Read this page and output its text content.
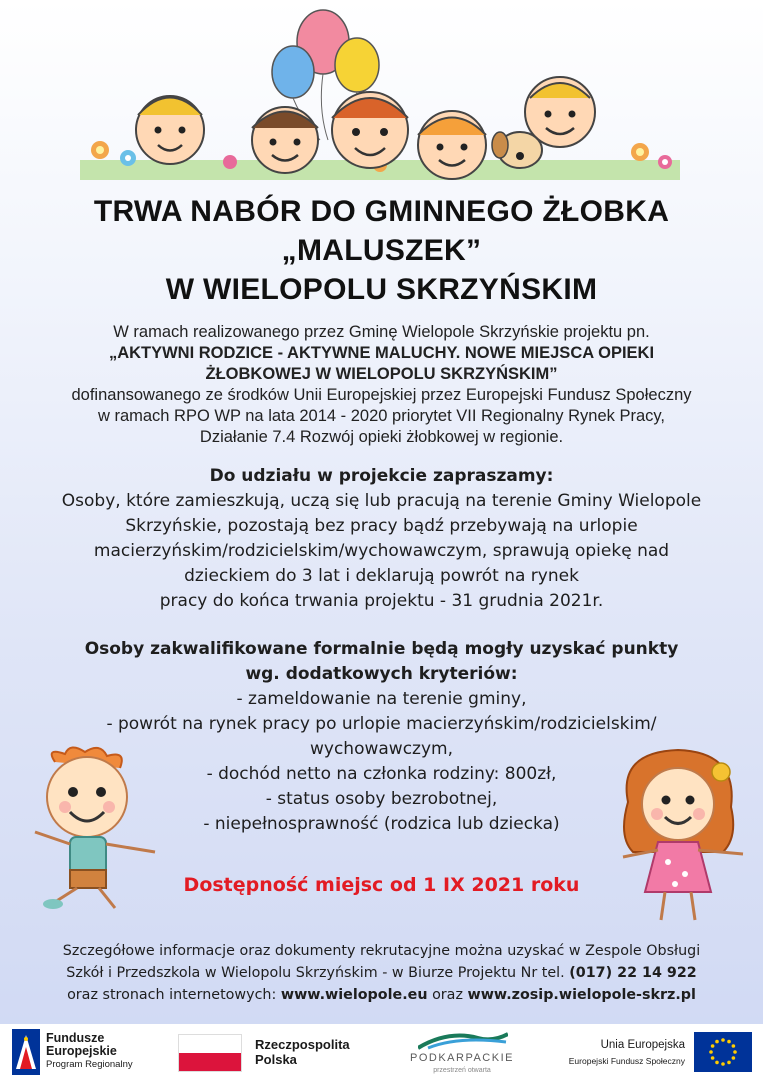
TRWA NABÓR DO GMINNEGO ŻŁOBKA
„MALUSZEK”
W WIELOPOLU SKRZYŃSKIM
W ramach realizowanego przez Gminę Wielopole Skrzyńskie projektu pn.
„AKTYWNI RODZICE - AKTYWNE MALUCHY. NOWE MIEJSCA OPIEKI
ŻŁOBKOWEJ W WIELOPOLU SKRZYŃSKIM”
dofinansowanego ze środków Unii Europejskiej przez Europejski Fundusz Społeczny
w ramach RPO WP na lata 2014 - 2020 priorytet VII Regionalny Rynek Pracy,
Działanie 7.4 Rozwój opieki żłobkowej w regionie.
Do udziału w projekcie zapraszamy:
Osoby, które zamieszkują, uczą się lub pracują na terenie Gminy Wielopole
Skrzyńskie, pozostają bez pracy bądź przebywają na urlopie
macierzyńskim/rodzicielskim/wychowawczym, sprawują opiekę nad
dzieckiem do 3 lat i deklarują powrót na rynek
pracy do końca trwania projektu - 31 grudnia 2021r.
Osoby zakwalifikowane formalnie będą mogły uzyskać punkty
wg. dodatkowych kryteriów:
- zameldowanie na terenie gminy,
- powrót na rynek pracy po urlopie macierzyńskim/rodzicielskim/
wychowawczym,
- dochód netto na członka rodziny: 800zł,
- status osoby bezrobotnej,
- niepełnosprawność (rodzica lub dziecka)
Dostępność miejsc od 1 IX 2021 roku
Szczegółowe informacje oraz dokumenty rekrutacyjne można uzyskać w Zespole Obsługi
Szkół i Przedszkola w Wielopolu Skrzyńskim - w Biurze Projektu Nr tel. (017) 22 14 922
oraz stronach internetowych: www.wielopole.eu oraz www.zosip.wielopole-skrz.pl
Fundusze
Europejskie
Program Regionalny
Rzeczpospolita
Polska	PODKARPACKIE
przestrzeń otwarta
Unia Europejska
Europejski Fundusz Społeczny
